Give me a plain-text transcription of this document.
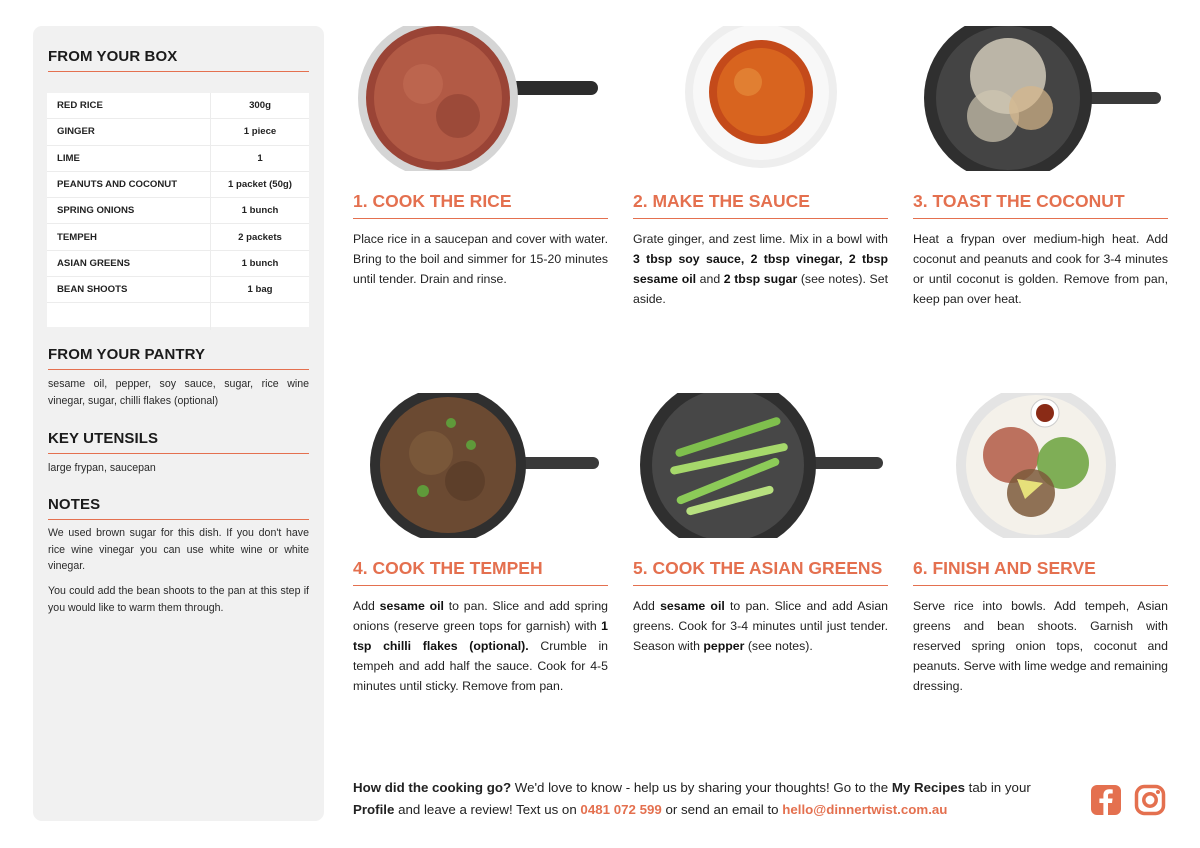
FROM YOUR BOX
RED RICE	300g
GINGER	1 piece
LIME	1
PEANUTS AND COCONUT	1 packet (50g)
SPRING ONIONS	1 bunch
TEMPEH	2 packets
ASIAN GREENS	1 bunch
BEAN SHOOTS	1 bag
FROM YOUR PANTRY
sesame oil, pepper, soy sauce, sugar, rice wine vinegar, sugar, chilli flakes (optional)
KEY UTENSILS
large frypan, saucepan
NOTES
We used brown sugar for this dish. If you don't have rice wine vinegar you can use white wine or white vinegar.
You could add the bean shoots to the pan at this step if you would like to warm them through.
1. COOK THE RICE
Place rice in a saucepan and cover with water. Bring to the boil and simmer for 15-20 minutes until tender. Drain and rinse.
2. MAKE THE SAUCE
Grate ginger, and zest lime. Mix in a bowl with 3 tbsp soy sauce, 2 tbsp vinegar, 2 tbsp sesame oil and 2 tbsp sugar (see notes). Set aside.
3. TOAST THE COCONUT
Heat a frypan over medium-high heat. Add coconut and peanuts and cook for 3-4 minutes or until coconut is golden. Remove from pan, keep pan over heat.
4. COOK THE TEMPEH
Add sesame oil to pan. Slice and add spring onions (reserve green tops for garnish) with 1 tsp chilli flakes (optional). Crumble in tempeh and add half the sauce. Cook for 4-5 minutes until sticky. Remove from pan.
5. COOK THE ASIAN GREENS
Add sesame oil to pan. Slice and add Asian greens. Cook for 3-4 minutes until just tender. Season with pepper (see notes).
6. FINISH AND SERVE
Serve rice into bowls. Add tempeh, Asian greens and bean shoots. Garnish with reserved spring onion tops, coconut and peanuts. Serve with lime wedge and remaining dressing.
How did the cooking go? We'd love to know - help us by sharing your thoughts! Go to the My Recipes tab in your Profile and leave a review! Text us on 0481 072 599 or send an email to hello@dinnertwist.com.au
